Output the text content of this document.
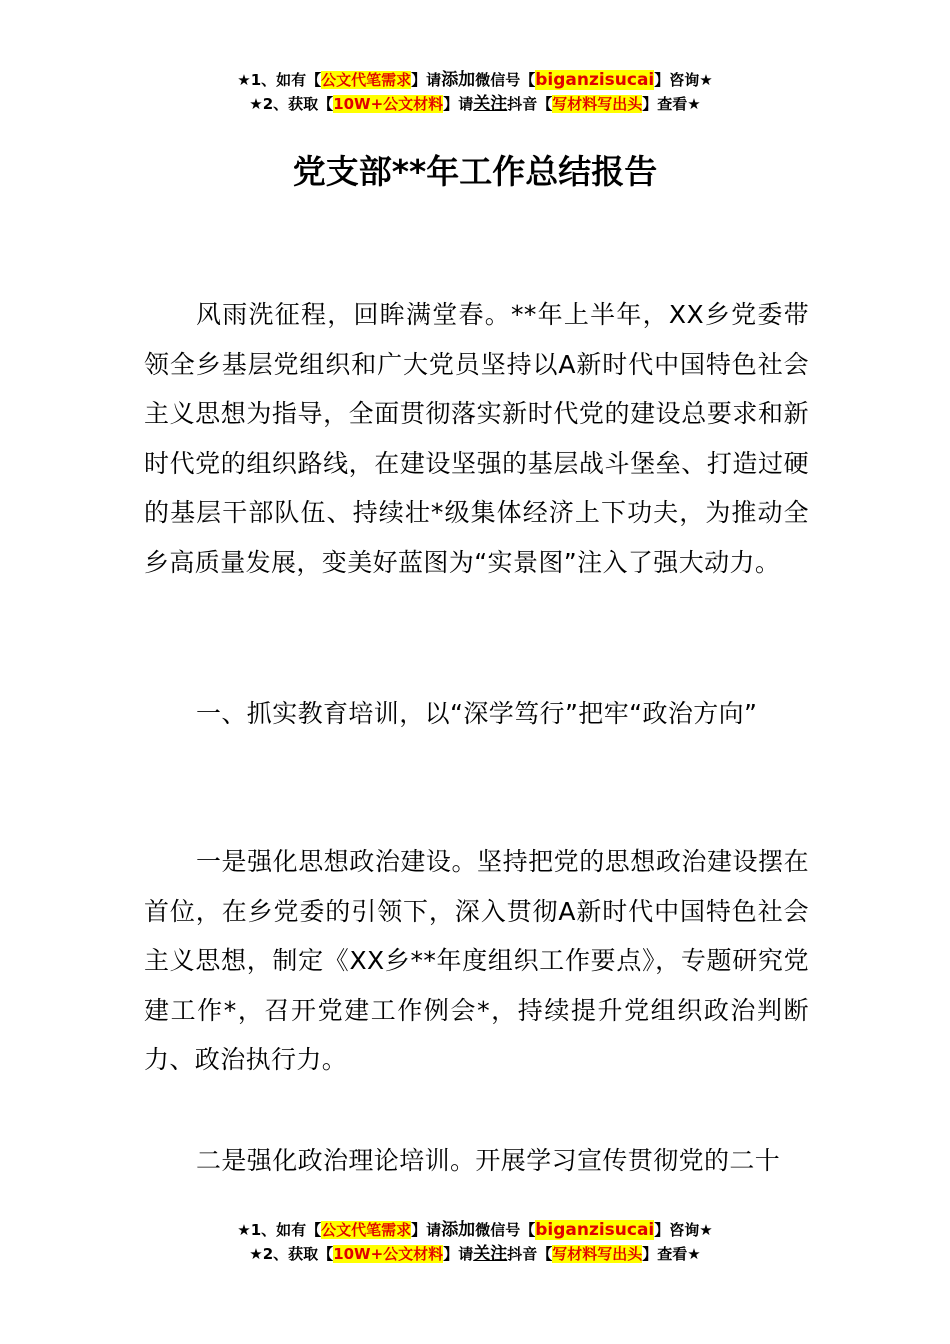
★1、如有【公文代笔需求】请添加微信号【biganzisucai】咨询★
★2、获取【10W+公文材料】请关注抖音【写材料写出头】查看★
党支部**年工作总结报告

风雨洗征程，回眸满堂春。**年上半年，XX乡党委带领全乡基层党组织和广大党员坚持以A新时代中国特色社会主义思想为指导，全面贯彻落实新时代党的建设总要求和新时代党的组织路线，在建设坚强的基层战斗堡垒、打造过硬的基层干部队伍、持续壮*级集体经济上下功夫，为推动全乡高质量发展，变美好蓝图为“实景图”注入了强大动力。

一、抓实教育培训，以“深学笃行”把牢“政治方向”

一是强化思想政治建设。坚持把党的思想政治建设摆在首位，在乡党委的引领下，深入贯彻A新时代中国特色社会主义思想，制定《XX乡**年度组织工作要点》，专题研究党建工作*，召开党建工作例会*，持续提升党组织政治判断力、政治执行力。

二是强化政治理论培训。开展学习宣传贯彻党的二十

★1、如有【公文代笔需求】请添加微信号【biganzisucai】咨询★
★2、获取【10W+公文材料】请关注抖音【写材料写出头】查看★
